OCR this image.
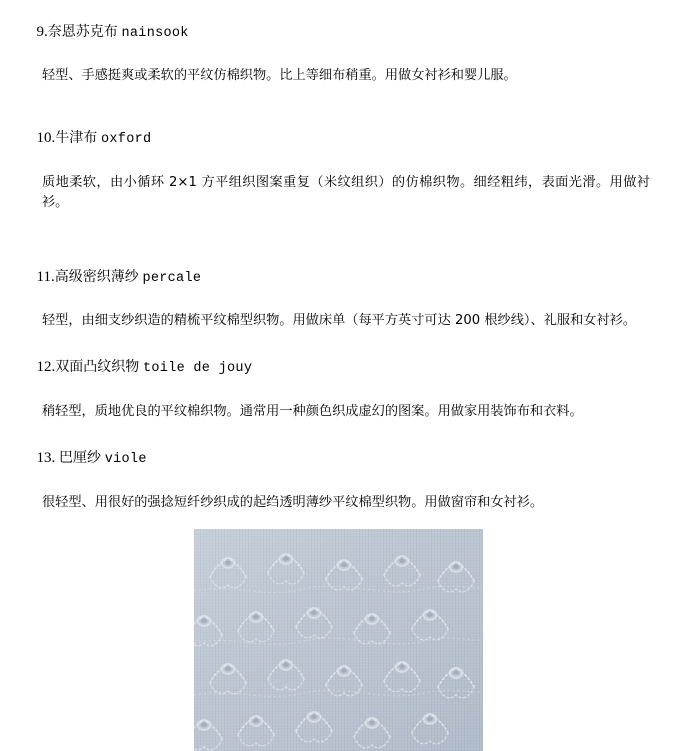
9.奈恩苏克布 nainsook

轻型、手感挺爽或柔软的平纹仿棉织物。比上等细布稍重。用做女衬衫和婴儿服。

10.牛津布 oxford

质地柔软，由小循环 2×1 方平组织图案重复（米纹组织）的仿棉织物。细经粗纬，表面光滑。用做衬衫。

11.高级密织薄纱 percale

轻型，由细支纱织造的精梳平纹棉型织物。用做床单（每平方英寸可达 200 根纱线）、礼服和女衬衫。

12.双面凸纹织物 toile de jouy

稍轻型，质地优良的平纹棉织物。通常用一种颜色织成虚幻的图案。用做家用装饰布和衣料。

13. 巴厘纱 viole

很轻型、用很好的强捻短纤纱织成的起绉透明薄纱平纹棉型织物。用做窗帘和女衬衫。
